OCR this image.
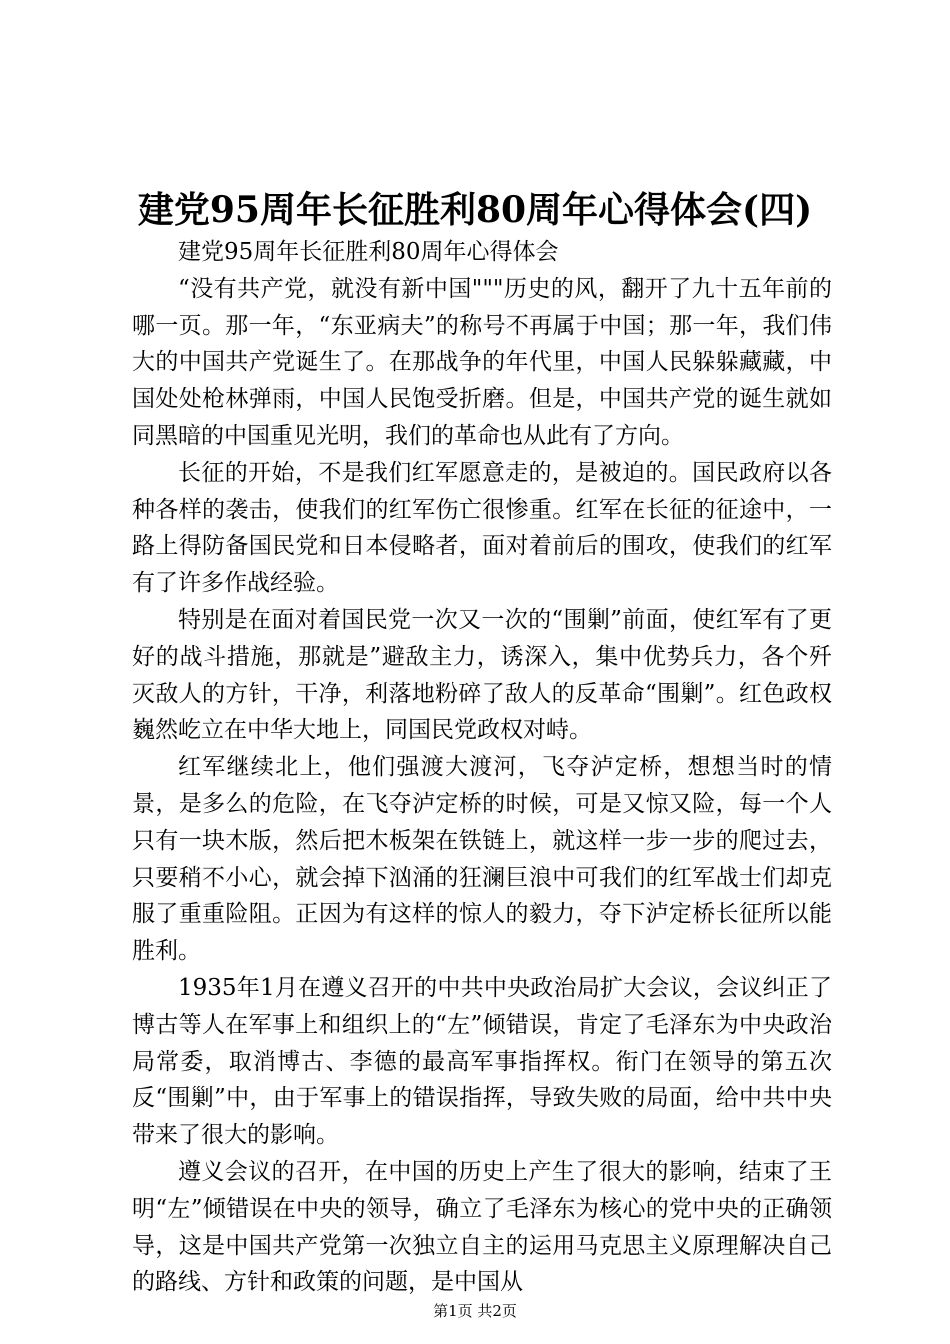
建党95周年长征胜利80周年心得体会(四)

建党95周年长征胜利80周年心得体会

“没有共产党，就没有新中国"""历史的风，翻开了九十五年前的哪一页。那一年，“东亚病夫”的称号不再属于中国；那一年，我们伟大的中国共产党诞生了。在那战争的年代里，中国人民躲躲藏藏，中国处处枪林弹雨，中国人民饱受折磨。但是，中国共产党的诞生就如同黑暗的中国重见光明，我们的革命也从此有了方向。

长征的开始，不是我们红军愿意走的，是被迫的。国民政府以各种各样的袭击，使我们的红军伤亡很惨重。红军在长征的征途中，一路上得防备国民党和日本侵略者，面对着前后的围攻，使我们的红军有了许多作战经验。

特别是在面对着国民党一次又一次的“围剿”前面，使红军有了更好的战斗措施，那就是”避敌主力，诱深入，集中优势兵力，各个歼灭敌人的方针，干净，利落地粉碎了敌人的反革命“围剿”。红色政权巍然屹立在中华大地上，同国民党政权对峙。

红军继续北上，他们强渡大渡河，飞夺泸定桥，想想当时的情景，是多么的危险，在飞夺泸定桥的时候，可是又惊又险，每一个人只有一块木版，然后把木板架在铁链上，就这样一步一步的爬过去，只要稍不小心，就会掉下汹涌的狂澜巨浪中可我们的红军战士们却克服了重重险阻。正因为有这样的惊人的毅力，夺下泸定桥长征所以能胜利。

1935年1月在遵义召开的中共中央政治局扩大会议，会议纠正了博古等人在军事上和组织上的“左”倾错误，肯定了毛泽东为中央政治局常委，取消博古、李德的最高军事指挥权。衔门在领导的第五次反“围剿”中，由于军事上的错误指挥，导致失败的局面，给中共中央带来了很大的影响。

遵义会议的召开，在中国的历史上产生了很大的影响，结束了王明“左”倾错误在中央的领导，确立了毛泽东为核心的党中央的正确领导，这是中国共产党第一次独立自主的运用马克思主义原理解决自己的路线、方针和政策的问题，是中国从

第1页 共2页
